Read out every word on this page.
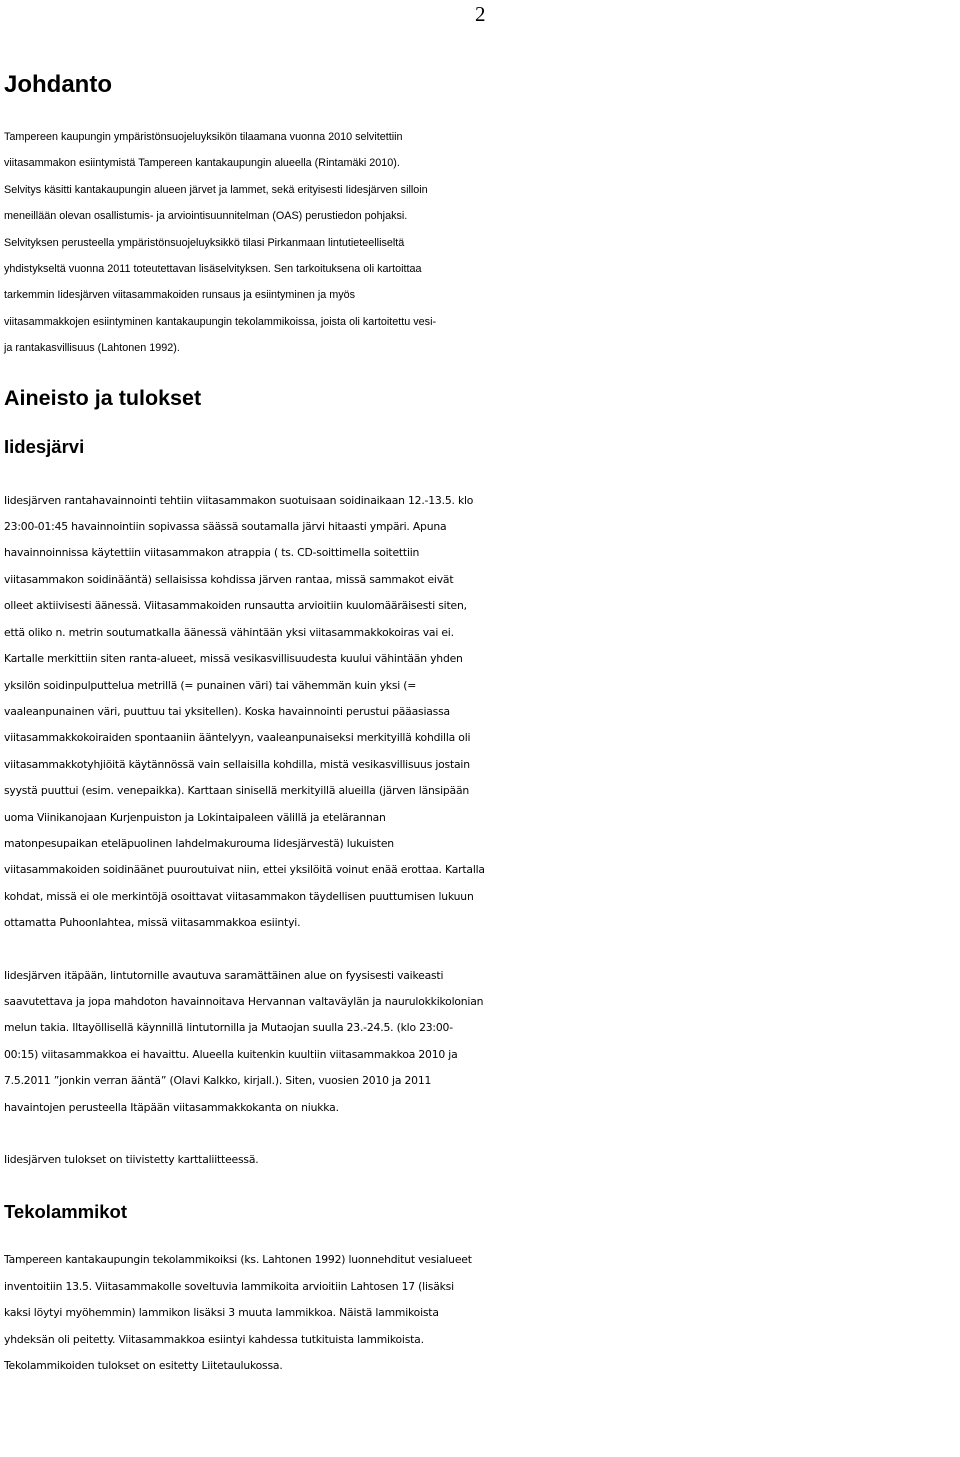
2
Johdanto
Tampereen kaupungin ympäristönsuojeluyksikön tilaamana vuonna 2010 selvitettiin
viitasammakon esiintymistä Tampereen kantakaupungin alueella (Rintamäki 2010).
Selvitys käsitti kantakaupungin alueen järvet ja lammet, sekä erityisesti Iidesjärven silloin
meneillään olevan osallistumis- ja arviointisuunnitelman (OAS) perustiedon pohjaksi.
Selvityksen perusteella ympäristönsuojeluyksikkö tilasi Pirkanmaan lintutieteelliseltä
yhdistykseltä vuonna 2011 toteutettavan lisäselvityksen. Sen tarkoituksena oli kartoittaa
tarkemmin Iidesjärven viitasammakoiden runsaus ja esiintyminen ja myös
viitasammakkojen esiintyminen kantakaupungin tekolammikoissa, joista oli kartoitettu vesi-
ja rantakasvillisuus (Lahtonen 1992).
Aineisto ja tulokset
Iidesjärvi
Iidesjärven rantahavainnointi tehtiin viitasammakon suotuisaan soidinaikaan 12.-13.5. klo
23:00-01:45 havainnointiin sopivassa säässä soutamalla järvi hitaasti ympäri. Apuna
havainnoinnissa käytettiin viitasammakon atrappia ( ts. CD-soittimella soitettiin
viitasammakon soidinääntä) sellaisissa kohdissa järven rantaa, missä sammakot eivät
olleet aktiivisesti äänessä. Viitasammakoiden runsautta arvioitiin kuulomääräisesti siten,
että oliko n. metrin soutumatkalla äänessä vähintään yksi viitasammakkokoiras vai ei.
Kartalle merkittiin siten ranta-alueet, missä vesikasvillisuudesta kuului vähintään yhden
yksilön soidinpulputtelua metrillä (= punainen väri) tai vähemmän kuin yksi (=
vaaleanpunainen väri, puuttuu tai yksitellen). Koska havainnointi perustui pääasiassa
viitasammakkokoiraiden spontaaniin ääntelyyn, vaaleanpunaiseksi merkityillä kohdilla oli
viitasammakkotyhjiöitä käytännössä vain sellaisilla kohdilla, mistä vesikasvillisuus jostain
syystä puuttui (esim. venepaikka). Karttaan sinisellä merkityillä alueilla (järven länsipään
uoma Viinikanojaan Kurjenpuiston ja Lokintaipaleen välillä ja etelärannan
matonpesupaikan eteläpuolinen lahdelmakurouma Iidesjärvestä) lukuisten
viitasammakoiden soidinäänet puuroutuivat niin, ettei yksilöitä voinut enää erottaa. Kartalla
kohdat, missä ei ole merkintöjä osoittavat viitasammakon täydellisen puuttumisen lukuun
ottamatta Puhoonlahtea, missä viitasammakkoa esiintyi.
Iidesjärven itäpään, lintutornille avautuva saramättäinen alue on fyysisesti vaikeasti
saavutettava ja jopa mahdoton havainnoitava Hervannan valtaväylän ja naurulokkikolonian
melun takia. Iltayöllisellä käynnillä lintutornilla ja Mutaojan suulla 23.-24.5. (klo 23:00-
00:15) viitasammakkoa ei havaittu. Alueella kuitenkin kuultiin viitasammakkoa 2010 ja
7.5.2011 ”jonkin verran ääntä” (Olavi Kalkko, kirjall.). Siten, vuosien 2010 ja 2011
havaintojen perusteella Itäpään viitasammakkokanta on niukka.
Iidesjärven tulokset on tiivistetty karttaliitteessä.
Tekolammikot
Tampereen kantakaupungin tekolammikoiksi (ks. Lahtonen 1992) luonnehditut vesialueet
inventoitiin 13.5. Viitasammakolle soveltuvia lammikoita arvioitiin Lahtosen 17 (lisäksi
kaksi löytyi myöhemmin) lammikon lisäksi 3 muuta lammikkoa. Näistä lammikoista
yhdeksän oli peitetty. Viitasammakkoa esiintyi kahdessa tutkituista lammikoista.
Tekolammikoiden tulokset on esitetty Liitetaulukossa.
